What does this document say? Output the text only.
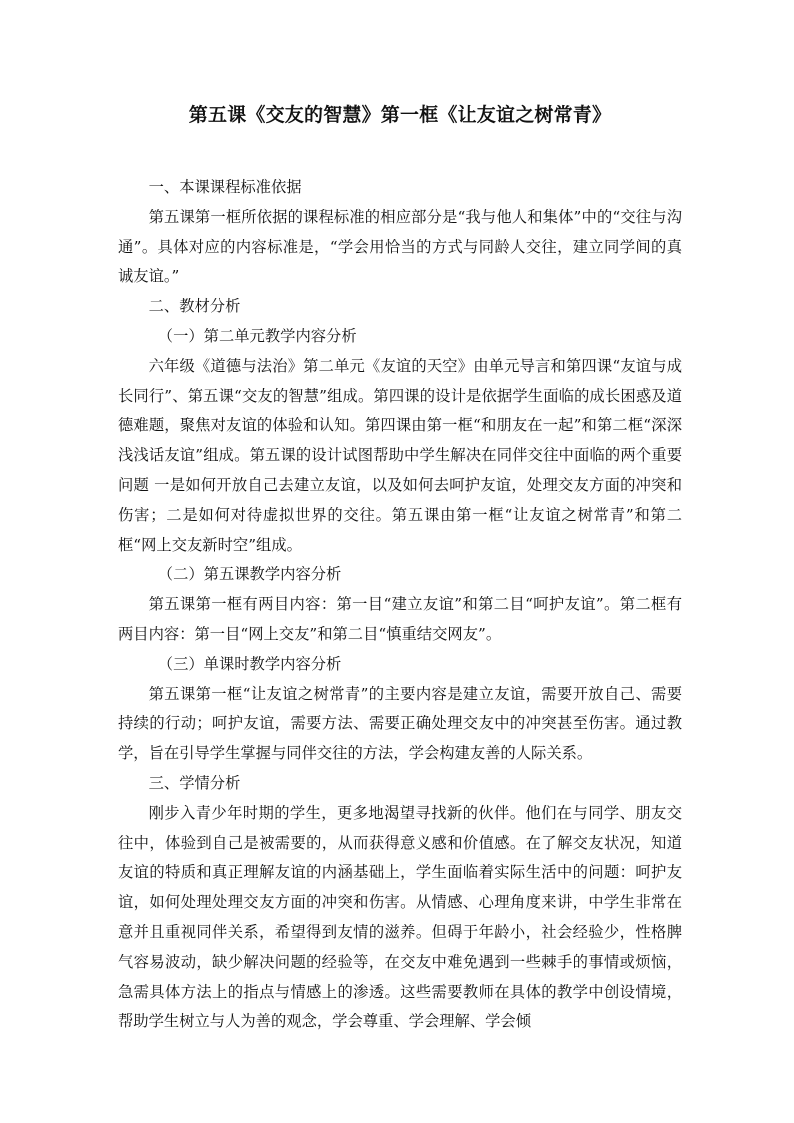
第五课《交友的智慧》第一框《让友谊之树常青》

一、本课课程标准依据

第五课第一框所依据的课程标准的相应部分是“我与他人和集体”中的“交往与沟通”。具体对应的内容标准是，“学会用恰当的方式与同龄人交往，建立同学间的真诚友谊。”

二、教材分析

（一）第二单元教学内容分析

六年级《道德与法治》第二单元《友谊的天空》由单元导言和第四课“友谊与成长同行”、第五课“交友的智慧”组成。第四课的设计是依据学生面临的成长困惑及道德难题，聚焦对友谊的体验和认知。第四课由第一框“和朋友在一起”和第二框“深深浅浅话友谊”组成。第五课的设计试图帮助中学生解决在同伴交往中面临的两个重要问题 一是如何开放自己去建立友谊，以及如何去呵护友谊，处理交友方面的冲突和伤害；二是如何对待虚拟世界的交往。第五课由第一框“让友谊之树常青”和第二框“网上交友新时空”组成。

（二）第五课教学内容分析

第五课第一框有两目内容：第一目“建立友谊”和第二目“呵护友谊”。第二框有两目内容：第一目“网上交友”和第二目“慎重结交网友”。

（三）单课时教学内容分析

第五课第一框“让友谊之树常青”的主要内容是建立友谊，需要开放自己、需要持续的行动；呵护友谊，需要方法、需要正确处理交友中的冲突甚至伤害。通过教学，旨在引导学生掌握与同伴交往的方法，学会构建友善的人际关系。

三、学情分析

刚步入青少年时期的学生，更多地渴望寻找新的伙伴。他们在与同学、朋友交往中，体验到自己是被需要的，从而获得意义感和价值感。在了解交友状况，知道友谊的特质和真正理解友谊的内涵基础上，学生面临着实际生活中的问题：呵护友谊，如何处理处理交友方面的冲突和伤害。从情感、心理角度来讲，中学生非常在意并且重视同伴关系，希望得到友情的滋养。但碍于年龄小，社会经验少，性格脾气容易波动，缺少解决问题的经验等，在交友中难免遇到一些棘手的事情或烦恼，急需具体方法上的指点与情感上的渗透。这些需要教师在具体的教学中创设情境，帮助学生树立与人为善的观念，学会尊重、学会理解、学会倾
